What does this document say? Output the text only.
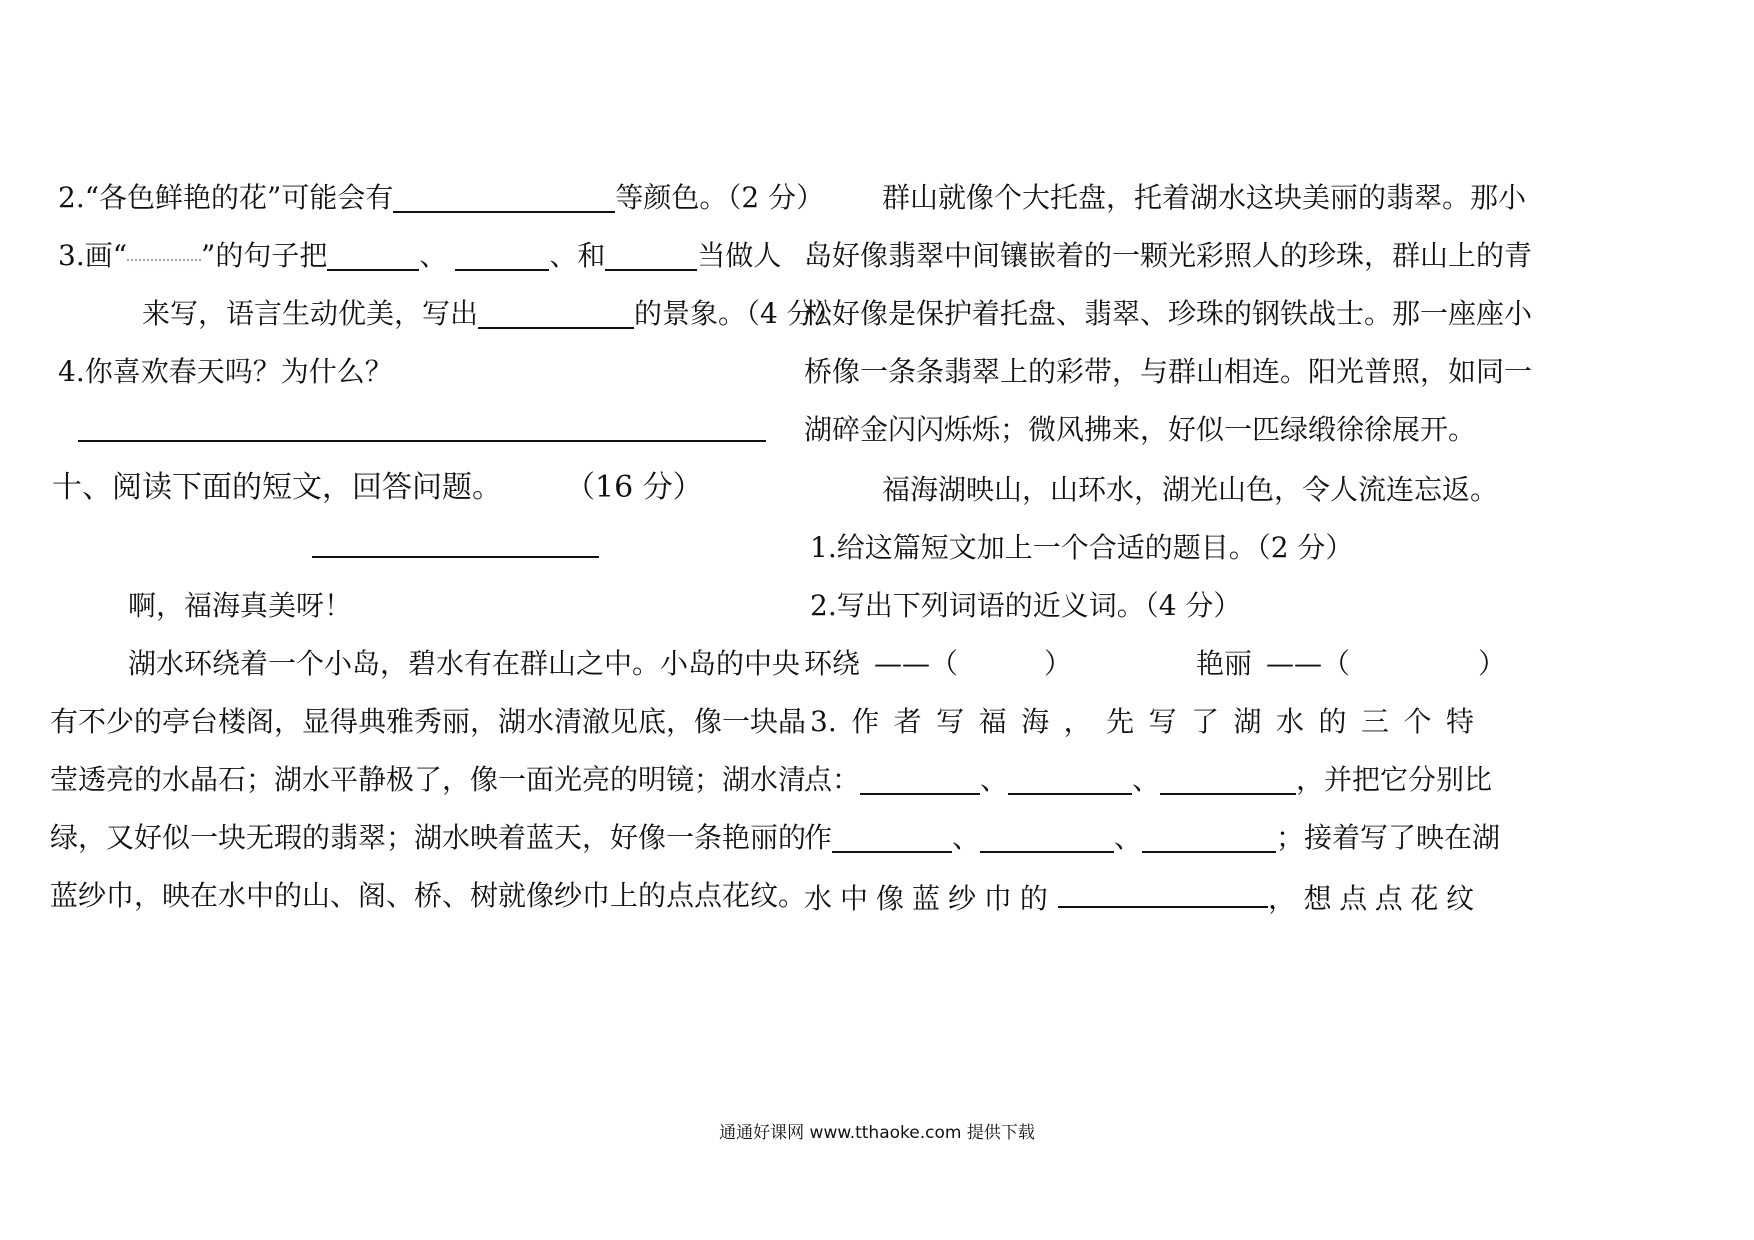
2.“各色鲜艳的花”可能会有	等颜色。（2 分）
3.画“	”的句子把	、	、和	当做人
来写，语言生动优美，写出	的景象。（4 分）
4.你喜欢春天吗？为什么？
十、阅读下面的短文，回答问题。	（16 分）
啊，福海真美呀！
湖水环绕着一个小岛，碧水有在群山之中。小岛的中央
有不少的亭台楼阁，显得典雅秀丽，湖水清澈见底，像一块晶
莹透亮的水晶石；湖水平静极了，像一面光亮的明镜；湖水清
绿，又好似一块无瑕的翡翠；湖水映着蓝天，好像一条艳丽的
蓝纱巾，映在水中的山、阁、桥、树就像纱巾上的点点花纹。
群山就像个大托盘，托着湖水这块美丽的翡翠。那小
岛好像翡翠中间镶嵌着的一颗光彩照人的珍珠，群山上的青
松好像是保护着托盘、翡翠、珍珠的钢铁战士。那一座座小
桥像一条条翡翠上的彩带，与群山相连。阳光普照，如同一
湖碎金闪闪烁烁；微风拂来，好似一匹绿缎徐徐展开。
福海湖映山，山环水，湖光山色，令人流连忘返。
1.给这篇短文加上一个合适的题目。（2 分）
2.写出下列词语的近义词。（4 分）
环绕 ——（	）	艳丽 ——（	）
3. 作 者 写 福 海 ， 先 写 了 湖 水 的 三 个 特
点：	、	、	，并把它分别比
作	、	、	；接着写了映在湖
水 中 像 蓝 纱 巾 的	， 想 点 点 花 纹
通通好课网 www.tthaoke.com 提供下载
